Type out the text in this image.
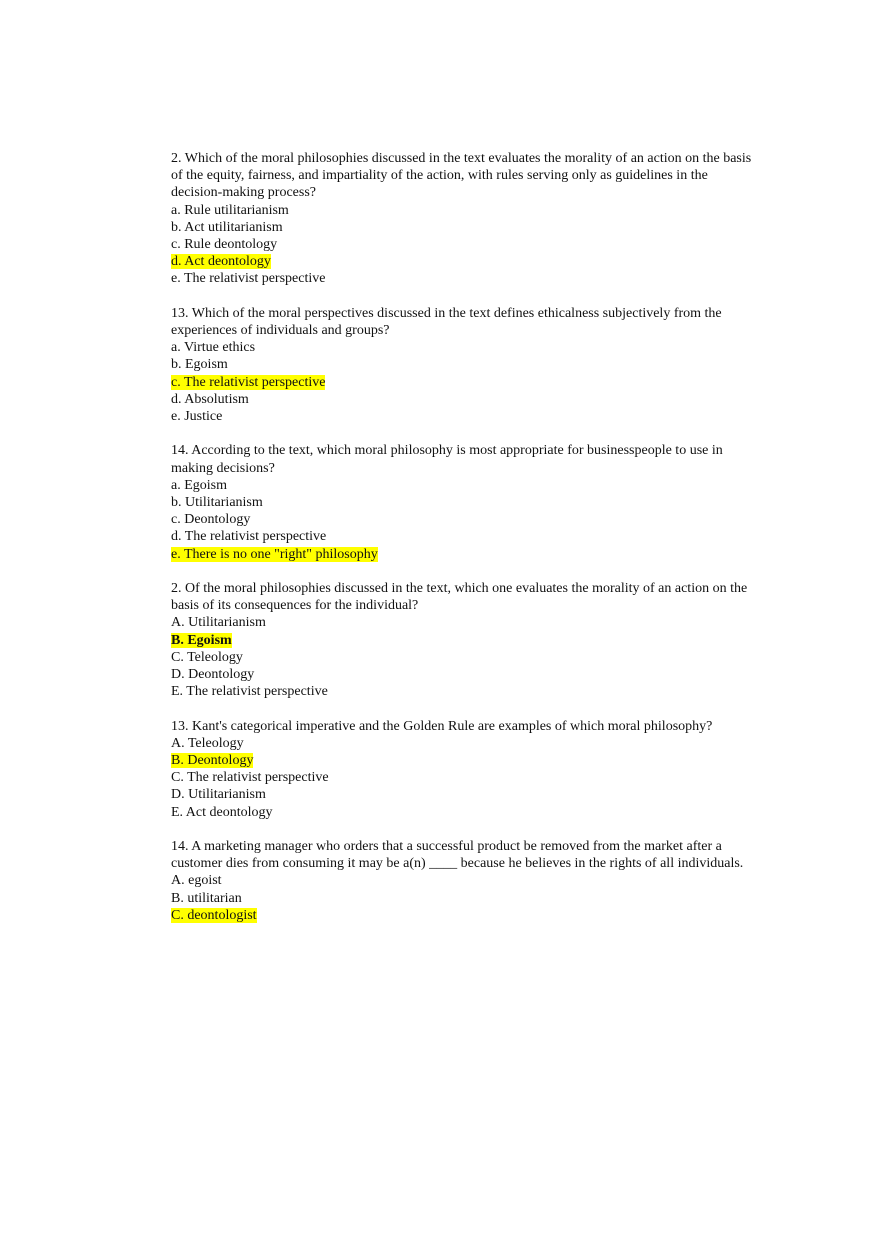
2. Which of the moral philosophies discussed in the text evaluates the morality of an action on the basis of the equity, fairness, and impartiality of the action, with rules serving only as guidelines in the decision-making process?
a. Rule utilitarianism
b. Act utilitarianism
c. Rule deontology
d. Act deontology
e. The relativist perspective
13. Which of the moral perspectives discussed in the text defines ethicalness subjectively from the experiences of individuals and groups?
a. Virtue ethics
b. Egoism
c. The relativist perspective
d. Absolutism
e. Justice
14. According to the text, which moral philosophy is most appropriate for businesspeople to use in making decisions?
a. Egoism
b. Utilitarianism
c. Deontology
d. The relativist perspective
e. There is no one "right" philosophy
2. Of the moral philosophies discussed in the text, which one evaluates the morality of an action on the basis of its consequences for the individual?
A. Utilitarianism
B. Egoism
C. Teleology
D. Deontology
E. The relativist perspective
13. Kant's categorical imperative and the Golden Rule are examples of which moral philosophy?
A. Teleology
B. Deontology
C. The relativist perspective
D. Utilitarianism
E. Act deontology
14. A marketing manager who orders that a successful product be removed from the market after a customer dies from consuming it may be a(n) ____ because he believes in the rights of all individuals.
A. egoist
B. utilitarian
C. deontologist
